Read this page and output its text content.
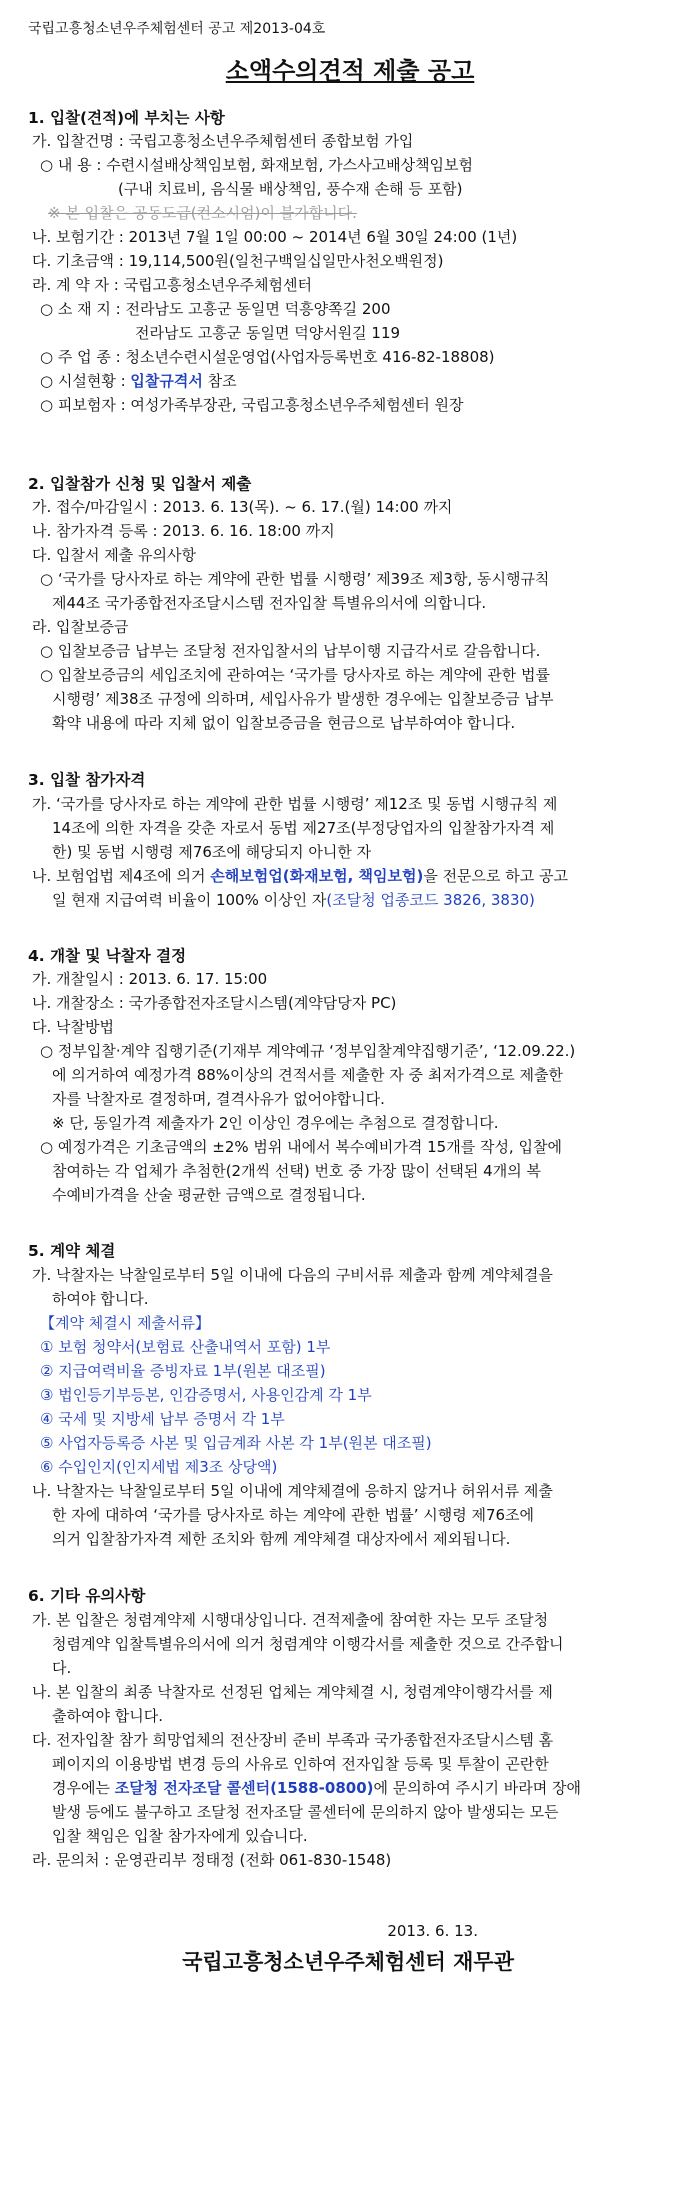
국립고흥청소년우주체험센터 공고 제2013-04호
소액수의견적 제출 공고
1. 입찰(견적)에 부치는 사항
가. 입찰건명 : 국립고흥청소년우주체험센터 종합보험 가입
○ 내 용 : 수련시설배상책임보험, 화재보험, 가스사고배상책임보험
(구내 치료비, 음식물 배상책임, 풍수재 손해 등 포함)
※ 본 입찰은 공동도급(컨소시엄)이 불가합니다.
나. 보험기간 : 2013년 7월 1일 00:00 ~ 2014년 6월 30일 24:00 (1년)
다. 기초금액 : 19,114,500원(일천구백일십일만사천오백원정)
라. 계 약 자 : 국립고흥청소년우주체험센터
○ 소 재 지 : 전라남도 고흥군 동일면 덕흥양쪽길 200
전라남도 고흥군 동일면 덕양서원길 119
○ 주 업 종 : 청소년수련시설운영업(사업자등록번호 416-82-18808)
○ 시설현황 : 입찰규격서 참조
○ 피보험자 : 여성가족부장관, 국립고흥청소년우주체험센터 원장
2. 입찰참가 신청 및 입찰서 제출
가. 접수/마감일시 : 2013. 6. 13(목). ~ 6. 17.(월) 14:00 까지
나. 참가자격 등록 : 2013. 6. 16. 18:00 까지
다. 입찰서 제출 유의사항
○ ‘국가를 당사자로 하는 계약에 관한 법률 시행령’ 제39조 제3항, 동시행규칙
제44조 국가종합전자조달시스템 전자입찰 특별유의서에 의합니다.
라. 입찰보증금
○ 입찰보증금 납부는 조달청 전자입찰서의 납부이행 지급각서로 갈음합니다.
○ 입찰보증금의 세입조치에 관하여는 ‘국가를 당사자로 하는 계약에 관한 법률
시행령’ 제38조 규정에 의하며, 세입사유가 발생한 경우에는 입찰보증금 납부
확약 내용에 따라 지체 없이 입찰보증금을 현금으로 납부하여야 합니다.
3. 입찰 참가자격
가. ‘국가를 당사자로 하는 계약에 관한 법률 시행령’ 제12조 및 동법 시행규칙 제
14조에 의한 자격을 갖춘 자로서 동법 제27조(부정당업자의 입찰참가자격 제
한) 및 동법 시행령 제76조에 해당되지 아니한 자
나. 보험업법 제4조에 의거 손해보험업(화재보험, 책임보험)을 전문으로 하고 공고
일 현재 지급여력 비율이 100% 이상인 자(조달청 업종코드 3826, 3830)
4. 개찰 및 낙찰자 결정
가. 개찰일시 : 2013. 6. 17. 15:00
나. 개찰장소 : 국가종합전자조달시스템(계약담당자 PC)
다. 낙찰방법
○ 정부입찰·계약 집행기준(기재부 계약예규 ‘정부입찰계약집행기준’, ‘12.09.22.)
에 의거하여 예정가격 88%이상의 견적서를 제출한 자 중 최저가격으로 제출한
자를 낙찰자로 결정하며, 결격사유가 없어야합니다.
※ 단, 동일가격 제출자가 2인 이상인 경우에는 추첨으로 결정합니다.
○ 예정가격은 기초금액의 ±2% 범위 내에서 복수예비가격 15개를 작성, 입찰에
참여하는 각 업체가 추첨한(2개씩 선택) 번호 중 가장 많이 선택된 4개의 복
수예비가격을 산술 평균한 금액으로 결정됩니다.
5. 계약 체결
가. 낙찰자는 낙찰일로부터 5일 이내에 다음의 구비서류 제출과 함께 계약체결을
하여야 합니다.
【계약 체결시 제출서류】
① 보험 청약서(보험료 산출내역서 포함) 1부
② 지급여력비율 증빙자료 1부(원본 대조필)
③ 법인등기부등본, 인감증명서, 사용인감계 각 1부
④ 국세 및 지방세 납부 증명서 각 1부
⑤ 사업자등록증 사본 및 입금계좌 사본 각 1부(원본 대조필)
⑥ 수입인지(인지세법 제3조 상당액)
나. 낙찰자는 낙찰일로부터 5일 이내에 계약체결에 응하지 않거나 허위서류 제출
한 자에 대하여 ‘국가를 당사자로 하는 계약에 관한 법률’ 시행령 제76조에
의거 입찰참가자격 제한 조치와 함께 계약체결 대상자에서 제외됩니다.
6. 기타 유의사항
가. 본 입찰은 청렴계약제 시행대상입니다. 견적제출에 참여한 자는 모두 조달청
청렴계약 입찰특별유의서에 의거 청렴계약 이행각서를 제출한 것으로 간주합니
다.
나. 본 입찰의 최종 낙찰자로 선정된 업체는 계약체결 시, 청렴계약이행각서를 제
출하여야 합니다.
다. 전자입찰 참가 희망업체의 전산장비 준비 부족과 국가종합전자조달시스템 홈
페이지의 이용방법 변경 등의 사유로 인하여 전자입찰 등록 및 투찰이 곤란한
경우에는 조달청 전자조달 콜센터(1588-0800)에 문의하여 주시기 바라며 장애
발생 등에도 불구하고 조달청 전자조달 콜센터에 문의하지 않아 발생되는 모든
입찰 책임은 입찰 참가자에게 있습니다.
라. 문의처 : 운영관리부 정태정 (전화 061-830-1548)
2013. 6. 13.
국립고흥청소년우주체험센터 재무관
